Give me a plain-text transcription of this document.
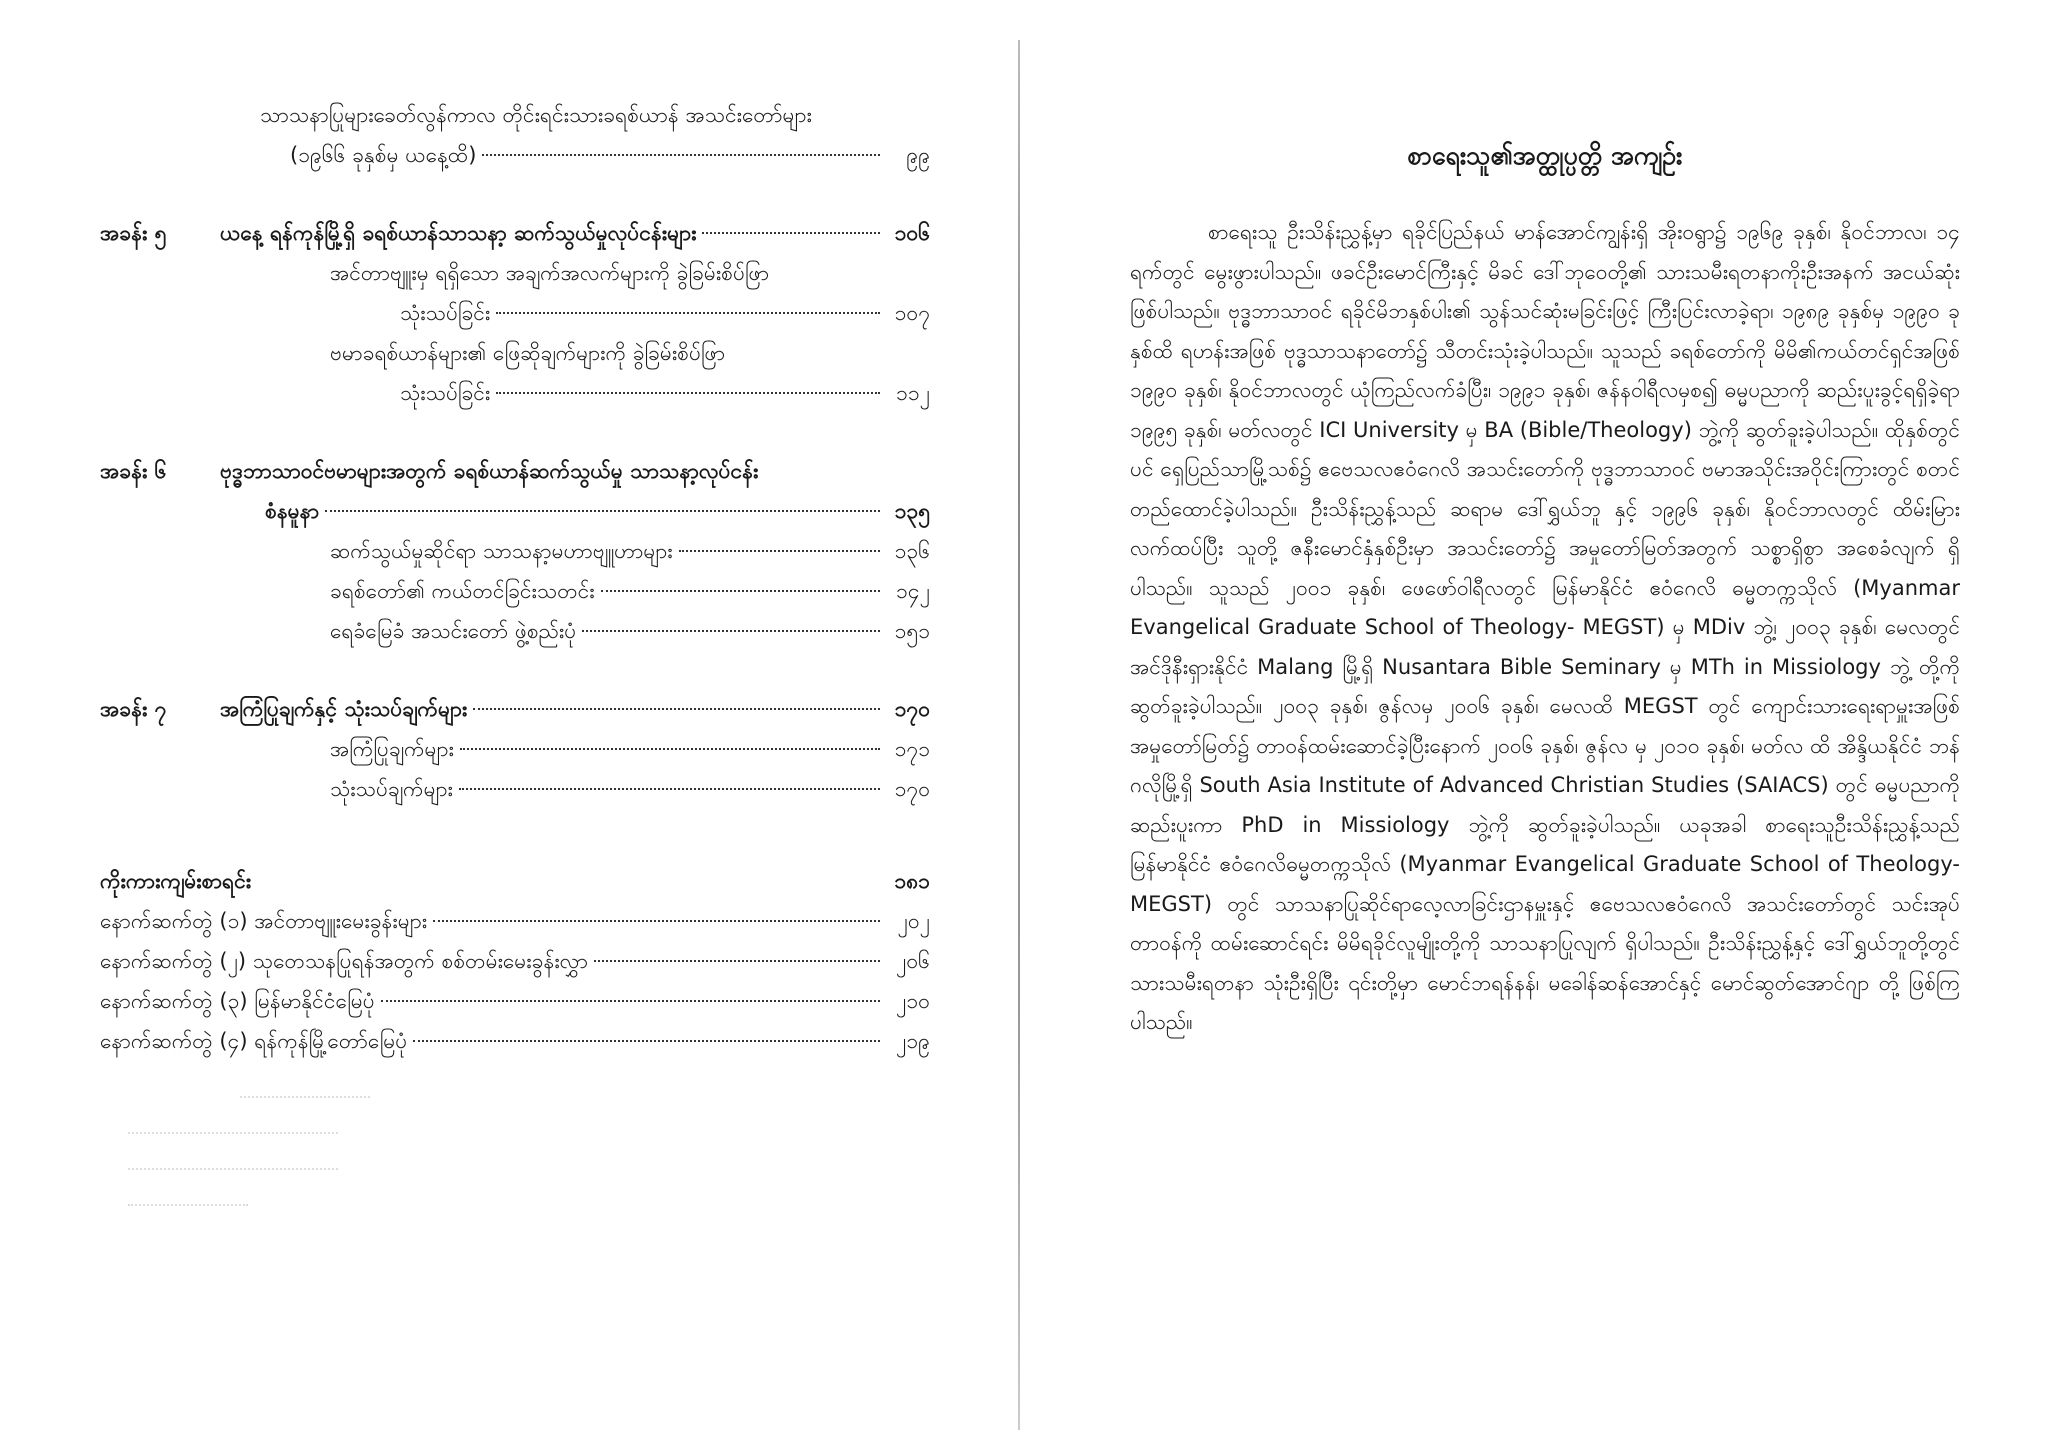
သာသနာပြုများခေတ်လွန်ကာလ တိုင်းရင်းသားခရစ်ယာန် အသင်းတော်များ
(၁၉၆၆ ခုနှစ်မှ ယနေ့ထိ)	၉၉
အခန်း ၅	ယနေ့ ရန်ကုန်မြို့ရှိ ခရစ်ယာန်သာသနာ့ ဆက်သွယ်မှုလုပ်ငန်းများ	၁၀၆
အင်တာဗျူးမှ ရရှိသော အချက်အလက်များကို ခွဲခြမ်းစိပ်ဖြာ
သုံးသပ်ခြင်း	၁၀၇
ဗမာခရစ်ယာန်များ၏ ဖြေဆိုချက်များကို ခွဲခြမ်းစိပ်ဖြာ
သုံးသပ်ခြင်း	၁၁၂
အခန်း ၆	ဗုဒ္ဓဘာသာဝင်ဗမာများအတွက် ခရစ်ယာန်ဆက်သွယ်မှု သာသနာ့လုပ်ငန်း
စံနမူနာ	၁၃၅
ဆက်သွယ်မှုဆိုင်ရာ သာသနာ့မဟာဗျူဟာများ	၁၃၆
ခရစ်တော်၏ ကယ်တင်ခြင်းသတင်း	၁၄၂
ရေခံမြေခံ အသင်းတော် ဖွဲ့စည်းပုံ	၁၅၁
အခန်း ၇	အကြံပြုချက်နှင့် သုံးသပ်ချက်များ	၁၇၀
အကြံပြုချက်များ	၁၇၁
သုံးသပ်ချက်များ	၁၇၀
ကိုးကားကျမ်းစာရင်း	၁၈၁
နောက်ဆက်တွဲ (၁) အင်တာဗျူးမေးခွန်းများ	၂၀၂
နောက်ဆက်တွဲ (၂) သုတေသနပြုရန်အတွက် စစ်တမ်းမေးခွန်းလွှာ	၂၀၆
နောက်ဆက်တွဲ (၃) မြန်မာနိုင်ငံမြေပုံ	၂၁၀
နောက်ဆက်တွဲ (၄) ရန်ကုန်မြို့တော်မြေပုံ	၂၁၉
စာရေးသူ၏အတ္ထုပ္ပတ္တိ အကျဉ်း

စာရေးသူ ဦးသိန်းညွှန့်မှာ ရခိုင်ပြည်နယ် မာန်အောင်ကျွန်းရှိ အိုးဝရွာ၌ ၁၉၆၉ ခုနှစ်၊ နိုဝင်ဘာလ၊ ၁၄ ရက်တွင် မွေးဖွားပါသည်။ ဖခင်ဦးမောင်ကြီးနှင့် မိခင် ဒေါ်ဘုဝေတို့၏ သားသမီးရတနာကိုးဦးအနက် အငယ်ဆုံး ဖြစ်ပါသည်။ ဗုဒ္ဓဘာသာဝင် ရခိုင်မိဘနှစ်ပါး၏ သွန်သင်ဆုံးမခြင်းဖြင့် ကြီးပြင်းလာခဲ့ရာ၊ ၁၉၈၉ ခုနှစ်မှ ၁၉၉၀ ခုနှစ်ထိ ရဟန်းအဖြစ် ဗုဒ္ဓသာသနာတော်၌ သီတင်းသုံးခဲ့ပါသည်။ သူသည် ခရစ်တော်ကို မိမိ၏ကယ်တင်ရှင်အဖြစ် ၁၉၉၀ ခုနှစ်၊ နိုဝင်ဘာလတွင် ယုံကြည်လက်ခံပြီး၊ ၁၉၉၁ ခုနှစ်၊ ဇန်နဝါရီလမှစ၍ ဓမ္မပညာကို ဆည်းပူးခွင့်ရရှိခဲ့ရာ ၁၉၉၅ ခုနှစ်၊ မတ်လတွင် ICI University မှ BA (Bible/Theology) ဘွဲ့ကို ဆွတ်ခူးခဲ့ပါသည်။ ထိုနှစ်တွင်ပင် ရှေပြည်သာမြို့သစ်၌ ဧဗေသလဧဝံဂေလိ အသင်းတော်ကို ဗုဒ္ဓဘာသာဝင် ဗမာအသိုင်းအဝိုင်းကြားတွင် စတင်တည်ထောင်ခဲ့ပါသည်။ ဦးသိန်းညွှန့်သည် ဆရာမ ဒေါ်ရွှယ်ဘူ နှင့် ၁၉၉၆ ခုနှစ်၊ နိုဝင်ဘာလတွင် ထိမ်းမြားလက်ထပ်ပြီး သူတို့ ဇနီးမောင်နှံနှစ်ဦးမှာ အသင်းတော်၌ အမှုတော်မြတ်အတွက် သစ္စာရှိစွာ အစေခံလျက် ရှိပါသည်။ သူသည် ၂၀၀၁ ခုနှစ်၊ ဖေဖော်ဝါရီလတွင် မြန်မာနိုင်ငံ ဧဝံဂေလိ ဓမ္မတက္ကသိုလ် (Myanmar Evangelical Graduate School of Theology- MEGST) မှ MDiv ဘွဲ့၊ ၂၀၀၃ ခုနှစ်၊ မေလတွင် အင်ဒိုနီးရှားနိုင်ငံ Malang မြို့ရှိ Nusantara Bible Seminary မှ MTh in Missiology ဘွဲ့ တို့ကို ဆွတ်ခူးခဲ့ပါသည်။ ၂၀၀၃ ခုနှစ်၊ ဇွန်လမှ ၂၀၀၆ ခုနှစ်၊ မေလထိ MEGST တွင် ကျောင်းသားရေးရာမှူးအဖြစ် အမှုတော်မြတ်၌ တာဝန်ထမ်းဆောင်ခဲ့ပြီးနောက် ၂၀၀၆ ခုနှစ်၊ ဇွန်လ မှ ၂၀၁၀ ခုနှစ်၊ မတ်လ ထိ အိန္ဒိယနိုင်ငံ ဘန်ဂလိုမြို့ရှိ South Asia Institute of Advanced Christian Studies (SAIACS) တွင် ဓမ္မပညာကို ဆည်းပူးကာ PhD in Missiology ဘွဲ့ကို ဆွတ်ခူးခဲ့ပါသည်။ ယခုအခါ စာရေးသူဦးသိန်းညွှန့်သည် မြန်မာနိုင်ငံ ဧဝံဂေလိဓမ္မတက္ကသိုလ် (Myanmar Evangelical Graduate School of Theology- MEGST) တွင် သာသနာပြုဆိုင်ရာလေ့လာခြင်းဌာနမှူးနှင့် ဧဗေသလဧဝံဂေလိ အသင်းတော်တွင် သင်းအုပ်တာဝန်ကို ထမ်းဆောင်ရင်း မိမိရခိုင်လူမျိုးတို့ကို သာသနာပြုလျက် ရှိပါသည်။ ဦးသိန်းညွှန့်နှင့် ဒေါ်ရွှယ်ဘူတို့တွင် သားသမီးရတနာ သုံးဦးရှိပြီး ၎င်းတို့မှာ မောင်ဘရန်နန်၊ မခေါန်ဆန်အောင်နှင့် မောင်ဆွတ်အောင်ဂျာ တို့ ဖြစ်ကြပါသည်။
